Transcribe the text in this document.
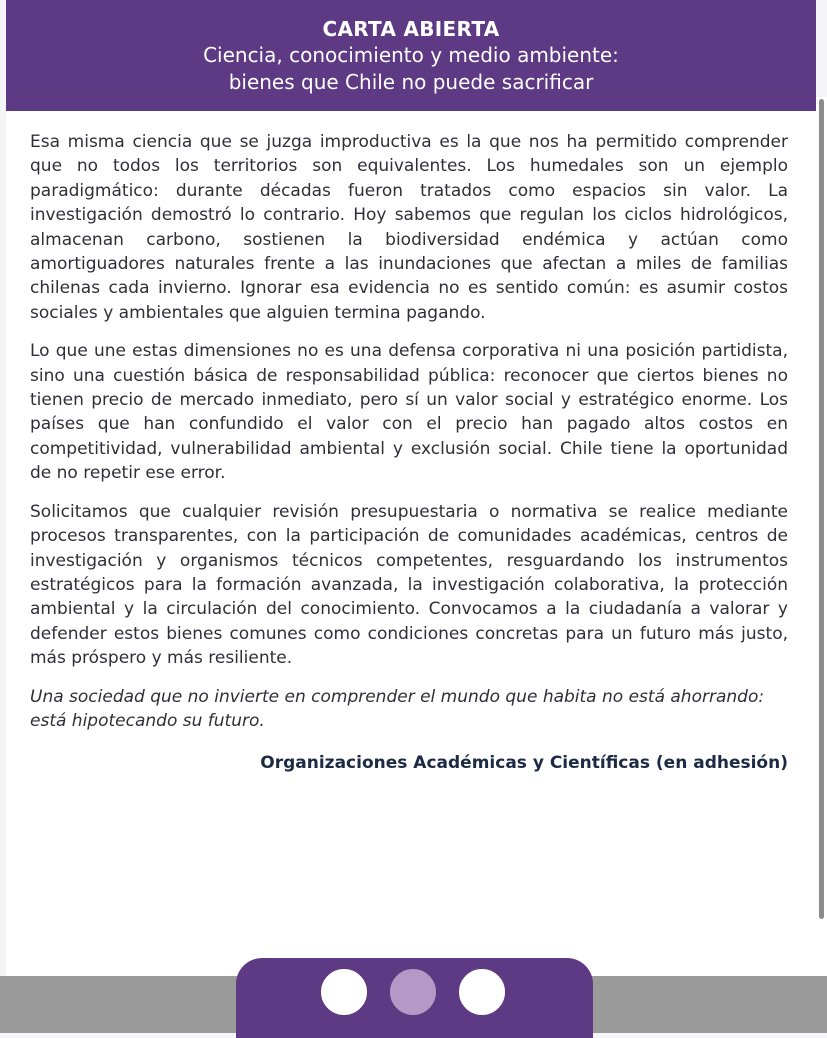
CARTA ABIERTA
Ciencia, conocimiento y medio ambiente:
bienes que Chile no puede sacrificar

Esa misma ciencia que se juzga improductiva es la que nos ha permitido comprender que no todos los territorios son equivalentes. Los humedales son un ejemplo paradigmático: durante décadas fueron tratados como espacios sin valor. La investigación demostró lo contrario. Hoy sabemos que regulan los ciclos hidrológicos, almacenan carbono, sostienen la biodiversidad endémica y actúan como amortiguadores naturales frente a las inundaciones que afectan a miles de familias chilenas cada invierno. Ignorar esa evidencia no es sentido común: es asumir costos sociales y ambientales que alguien termina pagando.

Lo que une estas dimensiones no es una defensa corporativa ni una posición partidista, sino una cuestión básica de responsabilidad pública: reconocer que ciertos bienes no tienen precio de mercado inmediato, pero sí un valor social y estratégico enorme. Los países que han confundido el valor con el precio han pagado altos costos en competitividad, vulnerabilidad ambiental y exclusión social. Chile tiene la oportunidad de no repetir ese error.

Solicitamos que cualquier revisión presupuestaria o normativa se realice mediante procesos transparentes, con la participación de comunidades académicas, centros de investigación y organismos técnicos competentes, resguardando los instrumentos estratégicos para la formación avanzada, la investigación colaborativa, la protección ambiental y la circulación del conocimiento. Convocamos a la ciudadanía a valorar y defender estos bienes comunes como condiciones concretas para un futuro más justo, más próspero y más resiliente.

Una sociedad que no invierte en comprender el mundo que habita no está ahorrando: está hipotecando su futuro.

Organizaciones Académicas y Científicas (en adhesión)
